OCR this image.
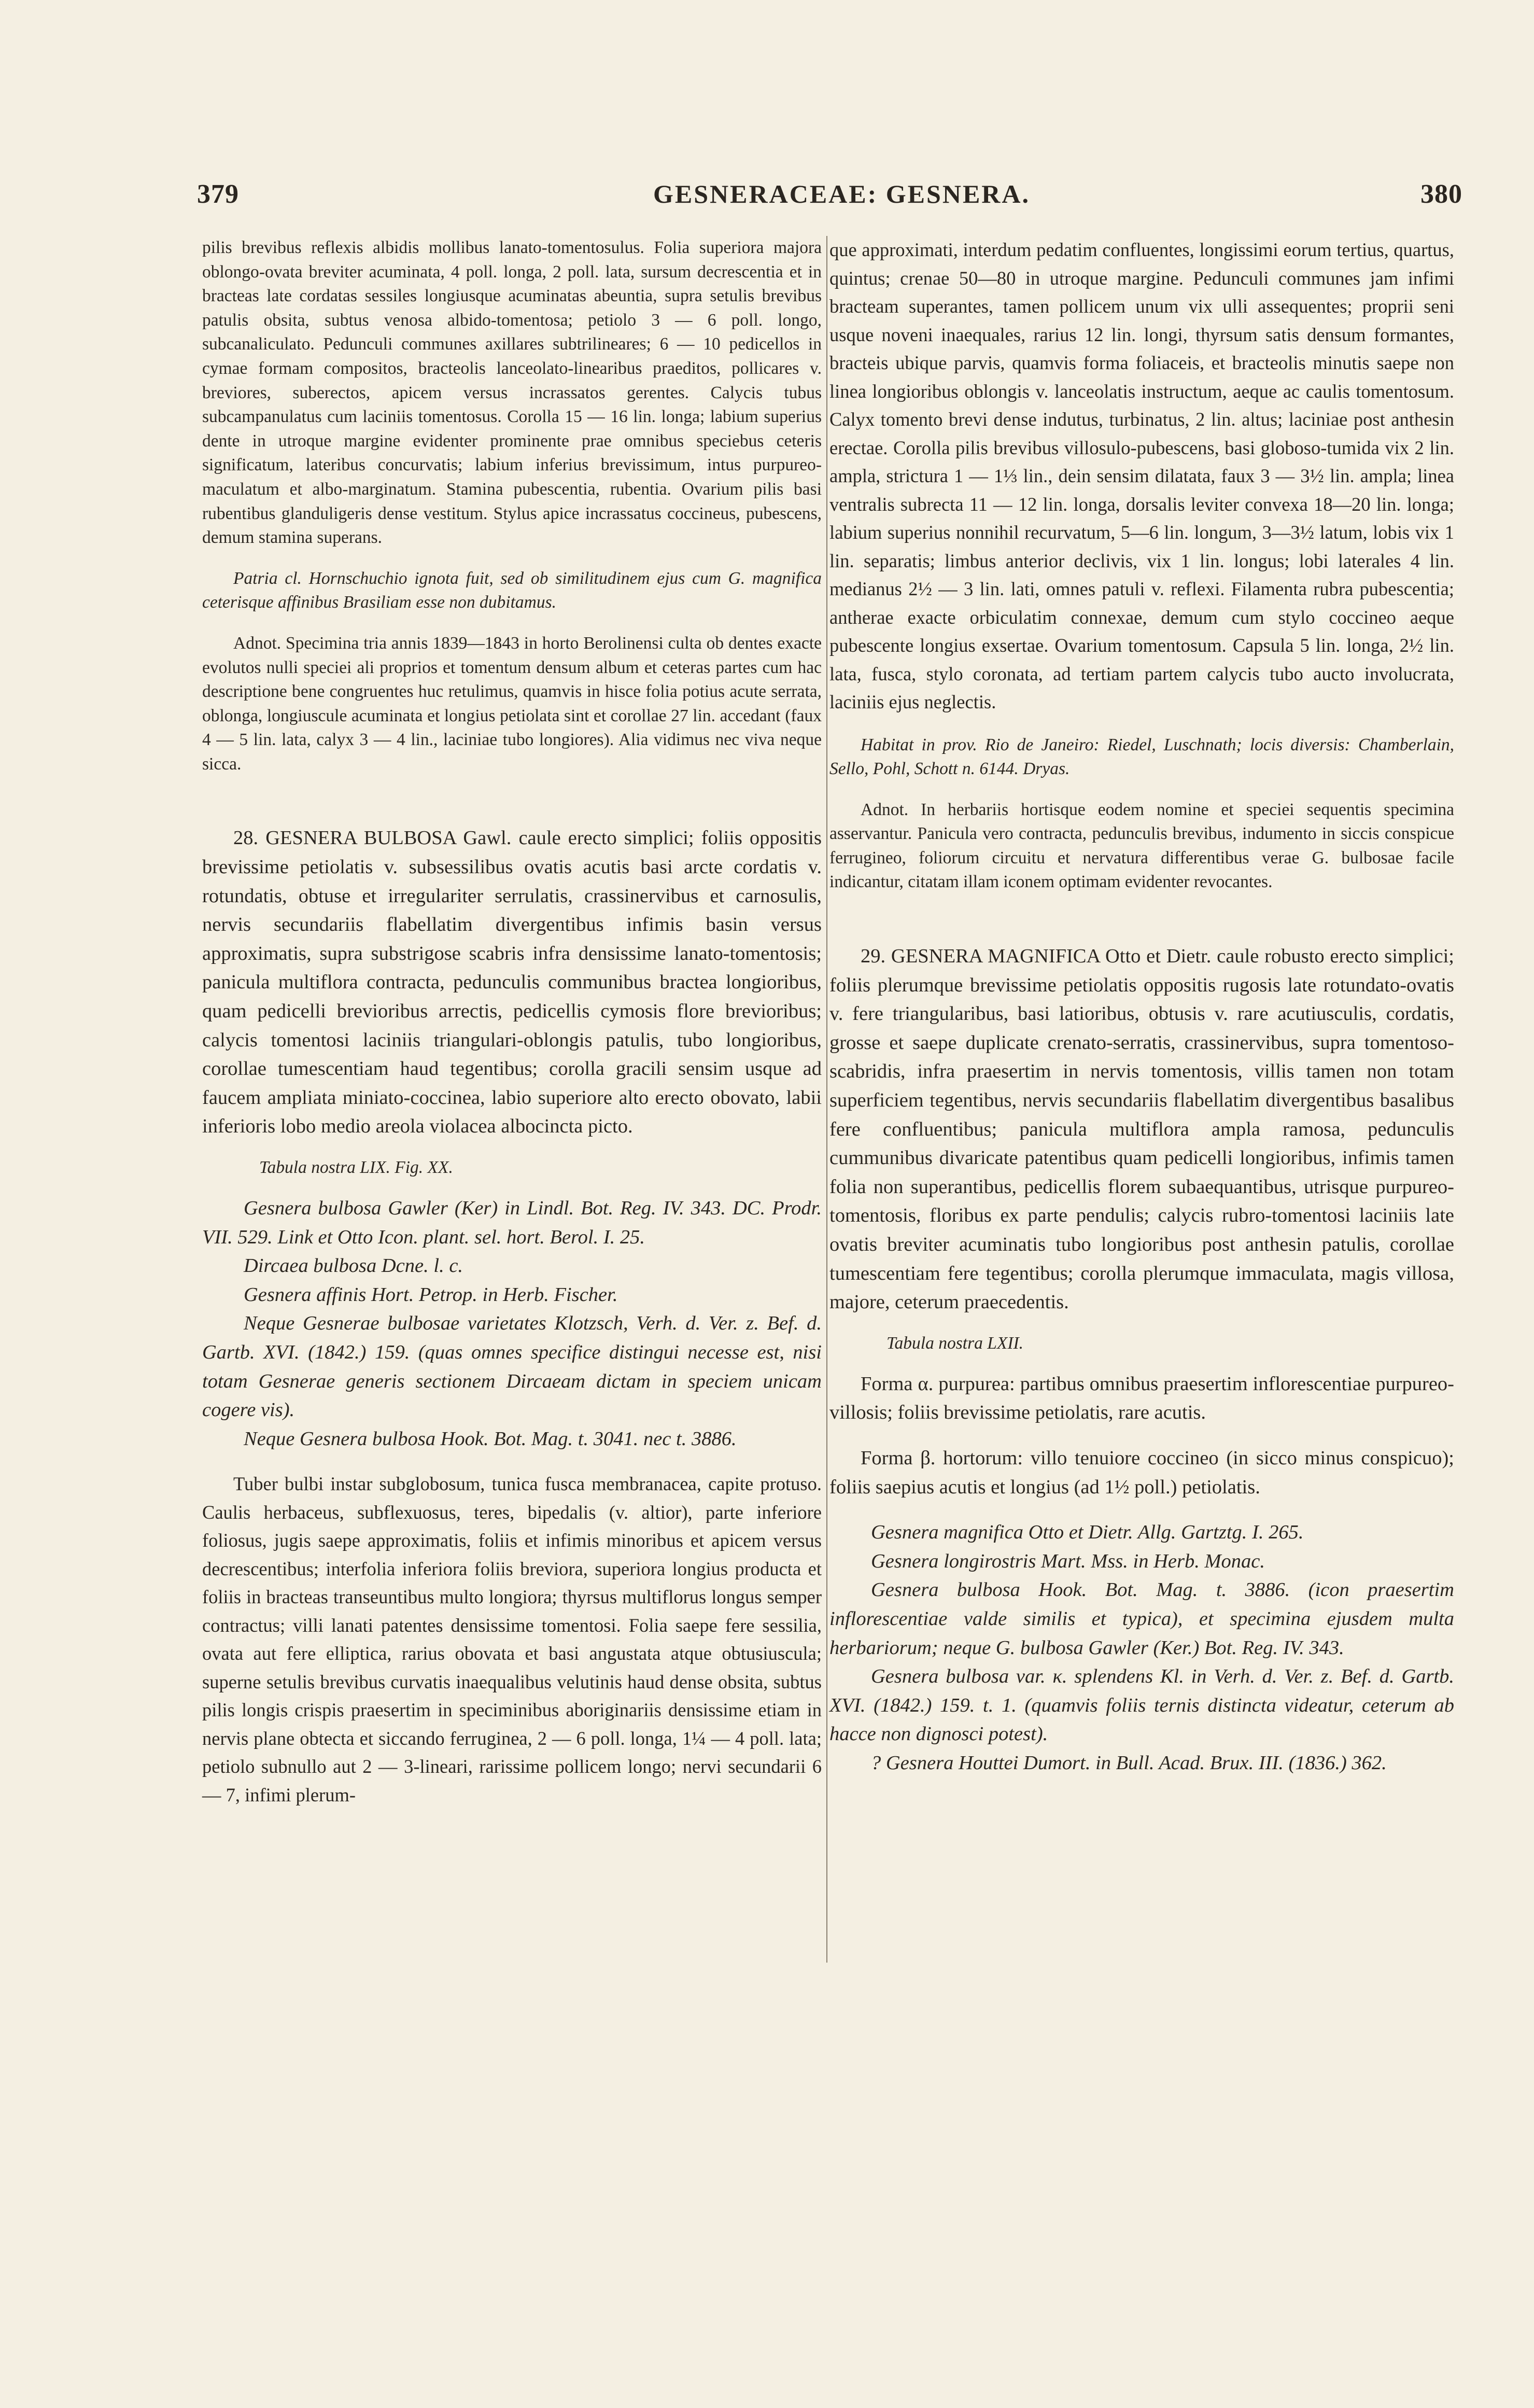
379	GESNERACEAE: GESNERA.	380

pilis brevibus reflexis albidis mollibus lanato-tomentosulus. Folia superiora majora oblongo-ovata breviter acuminata, 4 poll. longa, 2 poll. lata, sursum decrescentia et in bracteas late cordatas sessiles longiusque acuminatas abeuntia, supra setulis brevibus patulis obsita, subtus venosa albido-tomentosa; petiolo 3 — 6 poll. longo, subcanaliculato. Pedunculi communes axillares subtrilineares; 6 — 10 pedicellos in cymae formam compositos, bracteolis lanceolato-linearibus praeditos, pollicares v. breviores, suberectos, apicem versus incrassatos gerentes. Calycis tubus subcampanulatus cum laciniis tomentosus. Corolla 15 — 16 lin. longa; labium superius dente in utroque margine evidenter prominente prae omnibus speciebus ceteris significatum, lateribus concurvatis; labium inferius brevissimum, intus purpureo-maculatum et albo-marginatum. Stamina pubescentia, rubentia. Ovarium pilis basi rubentibus glanduligeris dense vestitum. Stylus apice incrassatus coccineus, pubescens, demum stamina superans.

Patria cl. Hornschuchio ignota fuit, sed ob similitudinem ejus cum G. magnifica ceterisque affinibus Brasiliam esse non dubitamus.

Adnot. Specimina tria annis 1839—1843 in horto Berolinensi culta ob dentes exacte evolutos nulli speciei ali proprios et tomentum densum album et ceteras partes cum hac descriptione bene congruentes huc retulimus, quamvis in hisce folia potius acute serrata, oblonga, longiuscule acuminata et longius petiolata sint et corollae 27 lin. accedant (faux 4 — 5 lin. lata, calyx 3 — 4 lin., laciniae tubo longiores). Alia vidimus nec viva neque sicca.

28. GESNERA BULBOSA Gawl. caule erecto simplici; foliis oppositis brevissime petiolatis v. subsessilibus ovatis acutis basi arcte cordatis v. rotundatis, obtuse et irregulariter serrulatis, crassinervibus et carnosulis, nervis secundariis flabellatim divergentibus infimis basin versus approximatis, supra substrigose scabris infra densissime lanato-tomentosis; panicula multiflora contracta, pedunculis communibus bractea longioribus, quam pedicelli brevioribus arrectis, pedicellis cymosis flore brevioribus; calycis tomentosi laciniis triangulari-oblongis patulis, tubo longioribus, corollae tumescentiam haud tegentibus; corolla gracili sensim usque ad faucem ampliata miniato-coccinea, labio superiore alto erecto obovato, labii inferioris lobo medio areola violacea albocincta picto.

Tabula nostra LIX. Fig. XX.

Gesnera bulbosa Gawler (Ker) in Lindl. Bot. Reg. IV. 343. DC. Prodr. VII. 529. Link et Otto Icon. plant. sel. hort. Berol. I. 25.

Dircaea bulbosa Dcne. l. c.

Gesnera affinis Hort. Petrop. in Herb. Fischer.

Neque Gesnerae bulbosae varietates Klotzsch, Verh. d. Ver. z. Bef. d. Gartb. XVI. (1842.) 159. (quas omnes specifice distingui necesse est, nisi totam Gesnerae generis sectionem Dircaeam dictam in speciem unicam cogere vis).

Neque Gesnera bulbosa Hook. Bot. Mag. t. 3041. nec t. 3886.

Tuber bulbi instar subglobosum, tunica fusca membranacea, capite protuso. Caulis herbaceus, subflexuosus, teres, bipedalis (v. altior), parte inferiore foliosus, jugis saepe approximatis, foliis et infimis minoribus et apicem versus decrescentibus; interfolia inferiora foliis breviora, superiora longius producta et foliis in bracteas transeuntibus multo longiora; thyrsus multiflorus longus semper contractus; villi lanati patentes densissime tomentosi. Folia saepe fere sessilia, ovata aut fere elliptica, rarius obovata et basi angustata atque obtusiuscula; superne setulis brevibus curvatis inaequalibus velutinis haud dense obsita, subtus pilis longis crispis praesertim in speciminibus aboriginariis densissime etiam in nervis plane obtecta et siccando ferruginea, 2 — 6 poll. longa, 1¼ — 4 poll. lata; petiolo subnullo aut 2 — 3-lineari, rarissime pollicem longo; nervi secundarii 6 — 7, infimi plerum-

que approximati, interdum pedatim confluentes, longissimi eorum tertius, quartus, quintus; crenae 50—80 in utroque margine. Pedunculi communes jam infimi bracteam superantes, tamen pollicem unum vix ulli assequentes; proprii seni usque noveni inaequales, rarius 12 lin. longi, thyrsum satis densum formantes, bracteis ubique parvis, quamvis forma foliaceis, et bracteolis minutis saepe non linea longioribus oblongis v. lanceolatis instructum, aeque ac caulis tomentosum. Calyx tomento brevi dense indutus, turbinatus, 2 lin. altus; laciniae post anthesin erectae. Corolla pilis brevibus villosulo-pubescens, basi globoso-tumida vix 2 lin. ampla, strictura 1 — 1⅓ lin., dein sensim dilatata, faux 3 — 3½ lin. ampla; linea ventralis subrecta 11 — 12 lin. longa, dorsalis leviter convexa 18—20 lin. longa; labium superius nonnihil recurvatum, 5—6 lin. longum, 3—3½ latum, lobis vix 1 lin. separatis; limbus anterior declivis, vix 1 lin. longus; lobi laterales 4 lin. medianus 2½ — 3 lin. lati, omnes patuli v. reflexi. Filamenta rubra pubescentia; antherae exacte orbiculatim connexae, demum cum stylo coccineo aeque pubescente longius exsertae. Ovarium tomentosum. Capsula 5 lin. longa, 2½ lin. lata, fusca, stylo coronata, ad tertiam partem calycis tubo aucto involucrata, laciniis ejus neglectis.

Habitat in prov. Rio de Janeiro: Riedel, Luschnath; locis diversis: Chamberlain, Sello, Pohl, Schott n. 6144. Dryas.

Adnot. In herbariis hortisque eodem nomine et speciei sequentis specimina asservantur. Panicula vero contracta, pedunculis brevibus, indumento in siccis conspicue ferrugineo, foliorum circuitu et nervatura differentibus verae G. bulbosae facile indicantur, citatam illam iconem optimam evidenter revocantes.

29. GESNERA MAGNIFICA Otto et Dietr. caule robusto erecto simplici; foliis plerumque brevissime petiolatis oppositis rugosis late rotundato-ovatis v. fere triangularibus, basi latioribus, obtusis v. rare acutiusculis, cordatis, grosse et saepe duplicate crenato-serratis, crassinervibus, supra tomentoso-scabridis, infra praesertim in nervis tomentosis, villis tamen non totam superficiem tegentibus, nervis secundariis flabellatim divergentibus basalibus fere confluentibus; panicula multiflora ampla ramosa, pedunculis cummunibus divaricate patentibus quam pedicelli longioribus, infimis tamen folia non superantibus, pedicellis florem subaequantibus, utrisque purpureo-tomentosis, floribus ex parte pendulis; calycis rubro-tomentosi laciniis late ovatis breviter acuminatis tubo longioribus post anthesin patulis, corollae tumescentiam fere tegentibus; corolla plerumque immaculata, magis villosa, majore, ceterum praecedentis.

Tabula nostra LXII.

Forma α. purpurea: partibus omnibus praesertim inflorescentiae purpureo-villosis; foliis brevissime petiolatis, rare acutis.

Forma β. hortorum: villo tenuiore coccineo (in sicco minus conspicuo); foliis saepius acutis et longius (ad 1½ poll.) petiolatis.

Gesnera magnifica Otto et Dietr. Allg. Gartztg. I. 265.

Gesnera longirostris Mart. Mss. in Herb. Monac.

Gesnera bulbosa Hook. Bot. Mag. t. 3886. (icon praesertim inflorescentiae valde similis et typica), et specimina ejusdem multa herbariorum; neque G. bulbosa Gawler (Ker.) Bot. Reg. IV. 343.

Gesnera bulbosa var. κ. splendens Kl. in Verh. d. Ver. z. Bef. d. Gartb. XVI. (1842.) 159. t. 1. (quamvis foliis ternis distincta videatur, ceterum ab hacce non dignosci potest).

? Gesnera Houttei Dumort. in Bull. Acad. Brux. III. (1836.) 362.
